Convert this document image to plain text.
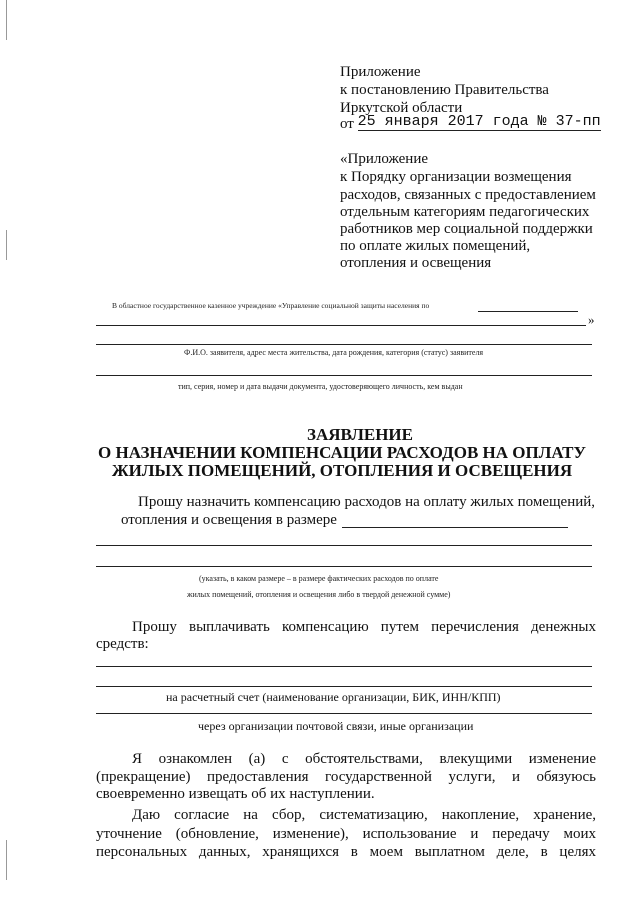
Приложение
к постановлению Правительства
Иркутской области
от 25 января 2017 года № 37-пп
«Приложение
к Порядку организации возмещения
расходов, связанных с предоставлением
отдельным категориям педагогических
работников мер социальной поддержки
по оплате жилых помещений,
отопления и освещения
В областное государственное казенное учреждение «Управление социальной защиты населения по
»
Ф.И.О. заявителя, адрес места жительства, дата рождения, категория (статус) заявителя
тип, серия, номер и дата выдачи документа, удостоверяющего личность, кем выдан
ЗАЯВЛЕНИЕ
О НАЗНАЧЕНИИ КОМПЕНСАЦИИ РАСХОДОВ НА ОПЛАТУ
ЖИЛЫХ ПОМЕЩЕНИЙ, ОТОПЛЕНИЯ И ОСВЕЩЕНИЯ
Прошу назначить компенсацию расходов на оплату жилых помещений,
отопления и освещения в размере
(указать, в каком размере – в размере фактических расходов по оплате
жилых помещений, отопления и освещения либо в твердой денежной сумме)
Прошу выплачивать компенсацию путем перечисления денежных
средств:
на расчетный счет (наименование организации, БИК, ИНН/КПП)
через организации почтовой связи, иные организации
Я ознакомлен (а) с обстоятельствами, влекущими изменение
(прекращение) предоставления государственной услуги, и обязуюсь
своевременно извещать об их наступлении.
Даю согласие на сбор, систематизацию, накопление, хранение,
уточнение (обновление, изменение), использование и передачу моих
персональных данных, хранящихся в моем выплатном деле, в целях
